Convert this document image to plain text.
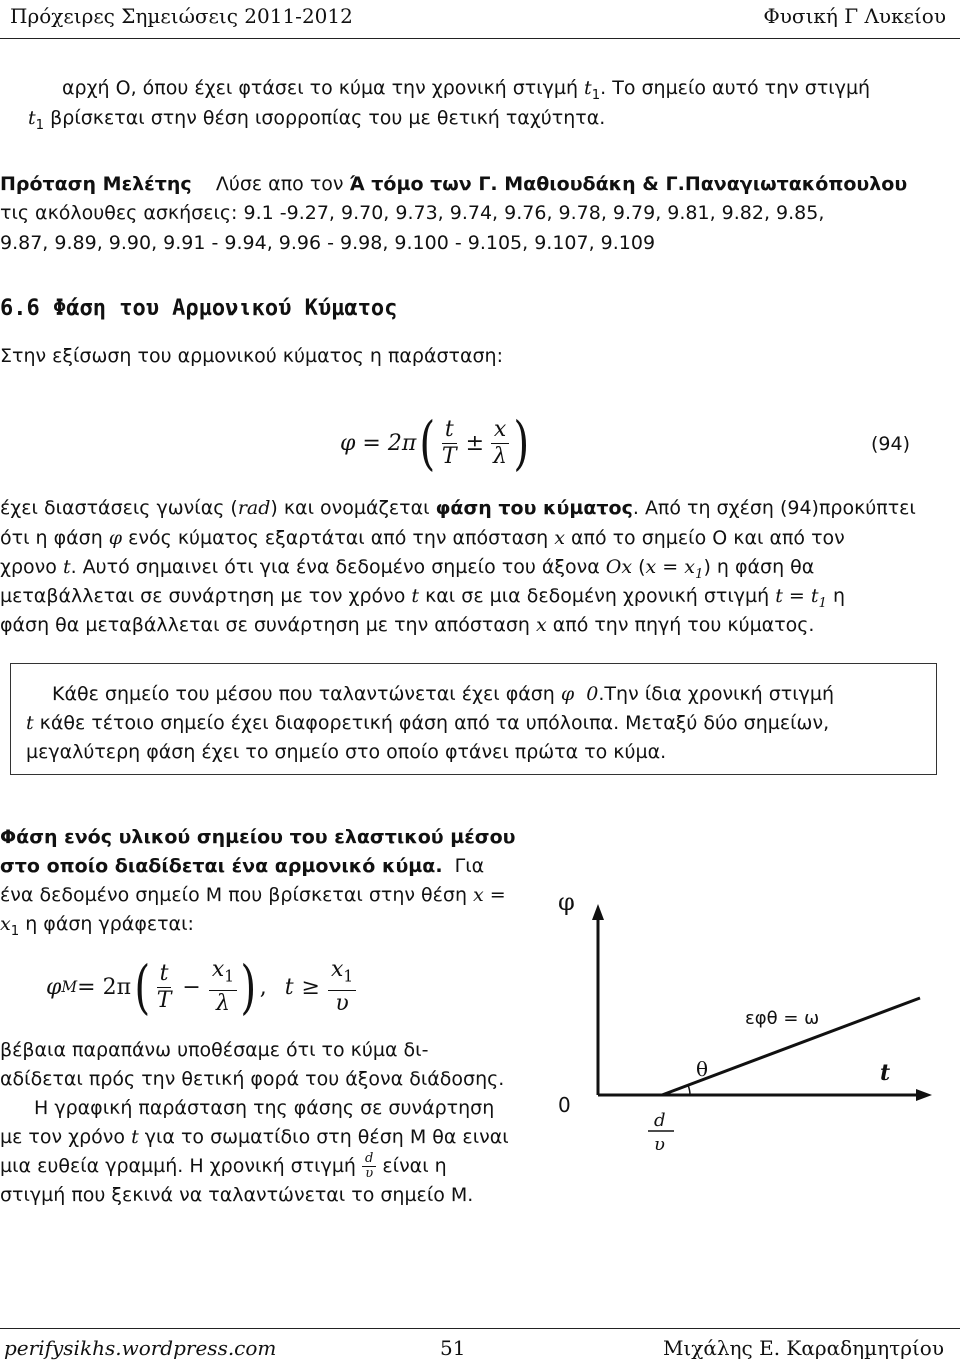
Πρόχειρες Σηµειώσεις 2011-2012	Φυσική Γ Λυκείου
αρχή Ο, όπου έχει φτάσει το κύµα την χρονική στιγµή $t_1$. Το σηµείο αυτό την στιγµή
$t_1$ βρίσκεται στην θέση ισορροπίας του µε θετική ταχύτητα.
Πρόταση Μελέτης Λύσε απο τον Ά τόµο των Γ. Μαθιουδάκη & Γ.Παναγιωτακόπουλου
τις ακόλουθες ασκήσεις: 9.1 -9.27, 9.70, 9.73, 9.74, 9.76, 9.78, 9.79, 9.81, 9.82, 9.85,
9.87, 9.89, 9.90, 9.91 - 9.94, 9.96 - 9.98, 9.100 - 9.105, 9.107, 9.109
6.6 Φάση του Αρµονικού Κύµατος
Στην εξίσωση του αρµονικού κύµατος η παράσταση:
φ = 2π ( $\frac{t}{T} \pm \frac{x}{\lambda}$ )	(94)
έχει διαστάσεις γωνίας (rad) και ονοµάζεται φάση του κύµατος. Από τη σχέση (94)προκύπτει
ότι η φάση φ ενός κύµατος εξαρτάται από την απόσταση x από το σηµείο Ο και από τον
χρονο t. Αυτό σηµαινει ότι για ένα δεδοµένο σηµείο του άξονα Ox $(x = x_1)$ η φάση θα
µεταβάλλεται σε συνάρτηση µε τον χρόνο t και σε µια δεδοµένη χρονική στιγµή $t = t_1$ η
φάση θα µεταβάλλεται σε συνάρτηση µε την απόσταση x από την πηγή του κύµατος.
Κάθε σηµείο του µέσου που ταλαντώνεται έχει φάση φ 0.Την ίδια χρονική στιγµή
t κάθε τέτοιο σηµείο έχει διαφορετική φάση από τα υπόλοιπα. Μεταξύ δύο σηµείων,
µεγαλύτερη φάση έχει το σηµείο στο οποίο φτάνει πρώτα το κύµα.
Φάση ενός υλικού σηµείου του ελαστικού µέσου
στο οποίο διαδίδεται ένα αρµονικό κύµα. Για
ένα δεδοµένο σηµείο Μ που βρίσκεται στην θέση x =
$x_1$ η φάση γράφεται:
φ M = 2π ( $\frac{t}{T} - \frac{x_1}{\lambda}$ ) , $t \ge \frac{x_1}{\upsilon}$
βέβαια παραπάνω υποθέσαµε ότι το κύµα δι-
αδίδεται πρός την θετική φορά του άξονα διάδοσης.
Η γραφική παράσταση της φάσης σε συνάρτηση
µε τον χρόνο t για το σωµατίδιο στη θέση Μ θα ειναι
µια ευθεία γραµµή. Η χρονική στιγµή $\frac{d}{\upsilon}$ είναι η
στιγµή που ξεκινά να ταλαντώνεται το σηµείο Μ.
φ
t
0
εφθ = ω
θ
d
υ
perifysikhs.wordpress.com	51	Μιχάλης Ε. Καραδηµητρίου
